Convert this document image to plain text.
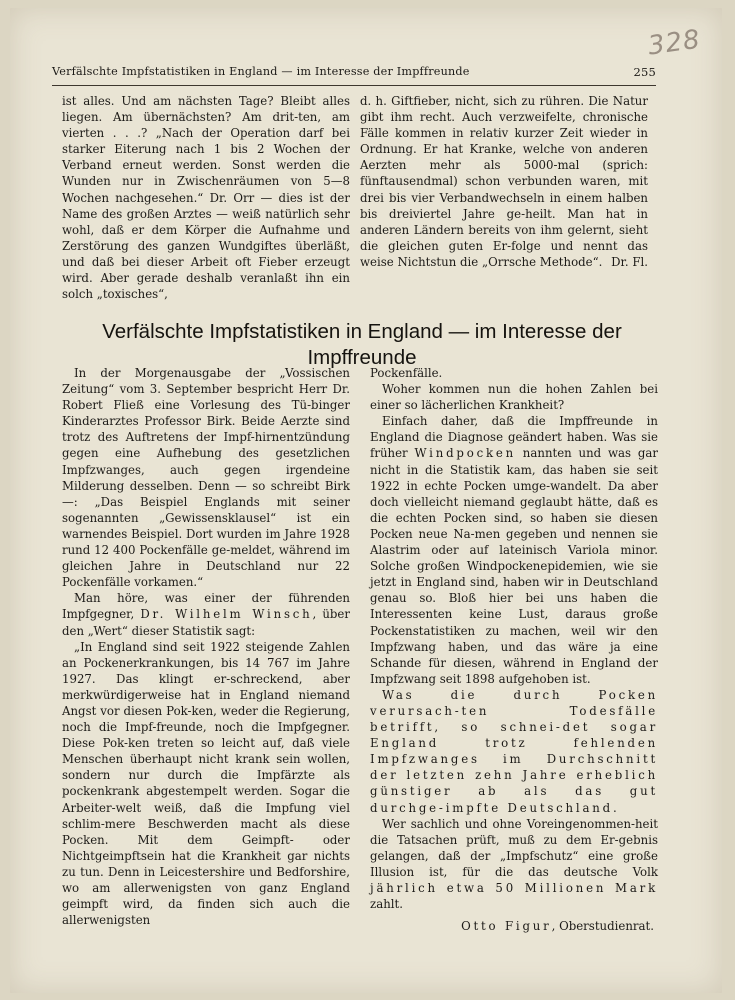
328
Verfälschte Impfstatistiken in England — im Interesse der Impffreunde	255

ist alles. Und am nächsten Tage? Bleibt alles liegen. Am übernächsten? Am drit-ten, am vierten . . .? „Nach der Operation darf bei starker Eiterung nach 1 bis 2 Wochen der Verband erneut werden. Sonst werden die Wunden nur in Zwischenräumen von 5—8 Wochen nachgesehen.“ Dr. Orr — dies ist der Name des großen Arztes — weiß natürlich sehr wohl, daß er dem Körper die Aufnahme und Zerstörung des ganzen Wundgiftes überläßt, und daß bei dieser Arbeit oft Fieber erzeugt wird. Aber gerade deshalb veranlaßt ihn ein solch „toxisches“,

d. h. Giftfieber, nicht, sich zu rühren. Die Natur gibt ihm recht. Auch verzweifelte, chronische Fälle kommen in relativ kurzer Zeit wieder in Ordnung. Er hat Kranke, welche von anderen Aerzten mehr als 5000-mal (sprich: fünftausendmal) schon verbunden waren, mit drei bis vier Verbandwechseln in einem halben bis dreiviertel Jahre ge-heilt. Man hat in anderen Ländern bereits von ihm gelernt, sieht die gleichen guten Er-folge und nennt das weise Nichtstun die „Orrsche Methode“. Dr. Fl.

Verfälschte Impfstatistiken in England — im Interesse der Impffreunde

In der Morgenausgabe der „Vossischen Zeitung“ vom 3. September bespricht Herr Dr. Robert Fließ eine Vorlesung des Tü-binger Kinderarztes Professor Birk. Beide Aerzte sind trotz des Auftretens der Impf-hirnentzündung gegen eine Aufhebung des gesetzlichen Impfzwanges, auch gegen irgendeine Milderung desselben. Denn — so schreibt Birk —: „Das Beispiel Englands mit seiner sogenannten „Gewissensklausel“ ist ein warnendes Beispiel. Dort wurden im Jahre 1928 rund 12 400 Pockenfälle ge-meldet, während im gleichen Jahre in Deutschland nur 22 Pockenfälle vorkamen.“

Man höre, was einer der führenden Impfgegner, Dr. Wilhelm Winsch, über den „Wert“ dieser Statistik sagt:

„In England sind seit 1922 steigende Zahlen an Pockenerkrankungen, bis 14 767 im Jahre 1927. Das klingt er-schreckend, aber merkwürdigerweise hat in England niemand Angst vor diesen Pok-ken, weder die Regierung, noch die Impf-freunde, noch die Impfgegner. Diese Pok-ken treten so leicht auf, daß viele Menschen überhaupt nicht krank sein wollen, sondern nur durch die Impfärzte als pockenkrank abgestempelt werden. Sogar die Arbeiter-welt weiß, daß die Impfung viel schlim-mere Beschwerden macht als diese Pocken. Mit dem Geimpft- oder Nichtgeimpftsein hat die Krankheit gar nichts zu tun. Denn in Leicestershire und Bedforshire, wo am allerwenigsten von ganz England geimpft wird, da finden sich auch die allerwenigsten

Pockenfälle.

Woher kommen nun die hohen Zahlen bei einer so lächerlichen Krankheit?

Einfach daher, daß die Impffreunde in England die Diagnose geändert haben. Was sie früher Windpocken nannten und was gar nicht in die Statistik kam, das haben sie seit 1922 in echte Pocken umge-wandelt. Da aber doch vielleicht niemand geglaubt hätte, daß es die echten Pocken sind, so haben sie diesen Pocken neue Na-men gegeben und nennen sie Alastrim oder auf lateinisch Variola minor. Solche großen Windpockenepidemien, wie sie jetzt in England sind, haben wir in Deutschland genau so. Bloß hier bei uns haben die Interessenten keine Lust, daraus große Pockenstatistiken zu machen, weil wir den Impfzwang haben, und das wäre ja eine Schande für diesen, während in England der Impfzwang seit 1898 aufgehoben ist.

Was die durch Pocken verursach-ten Todesfälle betrifft, so schnei-det sogar England trotz fehlenden Impfzwanges im Durchschnitt der letzten zehn Jahre erheblich günstiger ab als das gut durchge-impfte Deutschland.

Wer sachlich und ohne Voreingenommen-heit die Tatsachen prüft, muß zu dem Er-gebnis gelangen, daß der „Impfschutz“ eine große Illusion ist, für die das deutsche Volk jährlich etwa 50 Millionen Mark zahlt.

Otto Figur, Oberstudienrat.
